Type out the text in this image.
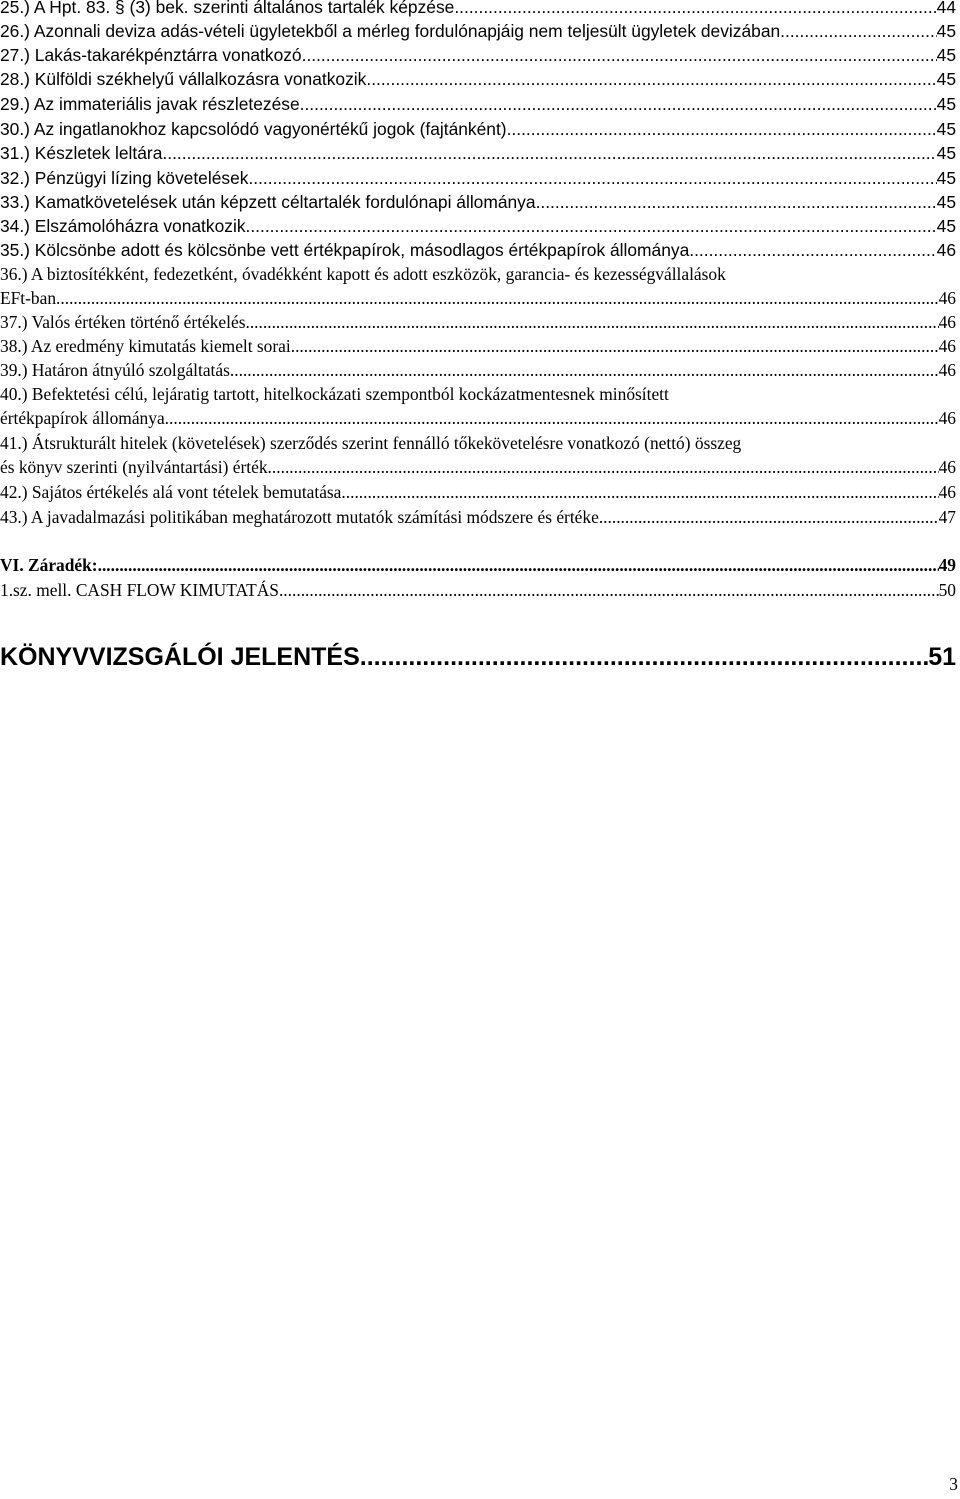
25.) A Hpt. 83. § (3) bek. szerinti általános tartalék képzése .....	44
26.) Azonnali deviza adás-vételi ügyletekből a mérleg fordulónapjáig nem teljesült ügyletek devizában .....	45
27.) Lakás-takarékpénztárra vonatkozó .....	45
28.) Külföldi székhelyű vállalkozásra vonatkozik .....	45
29.) Az immateriális javak részletezése .....	45
30.) Az ingatlanokhoz kapcsolódó vagyonértékű jogok (fajtánként) .....	45
31.) Készletek leltára .....	45
32.) Pénzügyi lízing követelések .....	45
33.) Kamatkövetelések után képzett céltartalék fordulónapi állománya .....	45
34.) Elszámolóházra vonatkozik .....	45
35.) Kölcsönbe adott és kölcsönbe vett értékpapírok, másodlagos értékpapírok állománya .....	46
36.) A biztosítékként, fedezetként, óvadékként kapott és adott eszközök, garancia- és kezességvállalások
EFt-ban .....	46
37.) Valós értéken történő értékelés .....	46
38.) Az eredmény kimutatás kiemelt sorai .....	46
39.) Határon átnyúló szolgáltatás .....	46
40.) Befektetési célú, lejáratig tartott, hitelkockázati szempontból kockázatmentesnek minősített
értékpapírok állománya .....	46
41.) Átsrukturált hitelek (követelések) szerződés szerint fennálló tőkekövetelésre vonatkozó (nettó) összeg
és könyv szerinti (nyilvántartási) érték .....	46
42.) Sajátos értékelés alá vont tételek bemutatása .....	46
43.) A javadalmazási politikában meghatározott mutatók számítási módszere és értéke .....	47
VI. Záradék: .....	49
1.sz. mell. CASH FLOW KIMUTATÁS .....	50
KÖNYVVIZSGÁLÓI JELENTÉS .....	51
3
